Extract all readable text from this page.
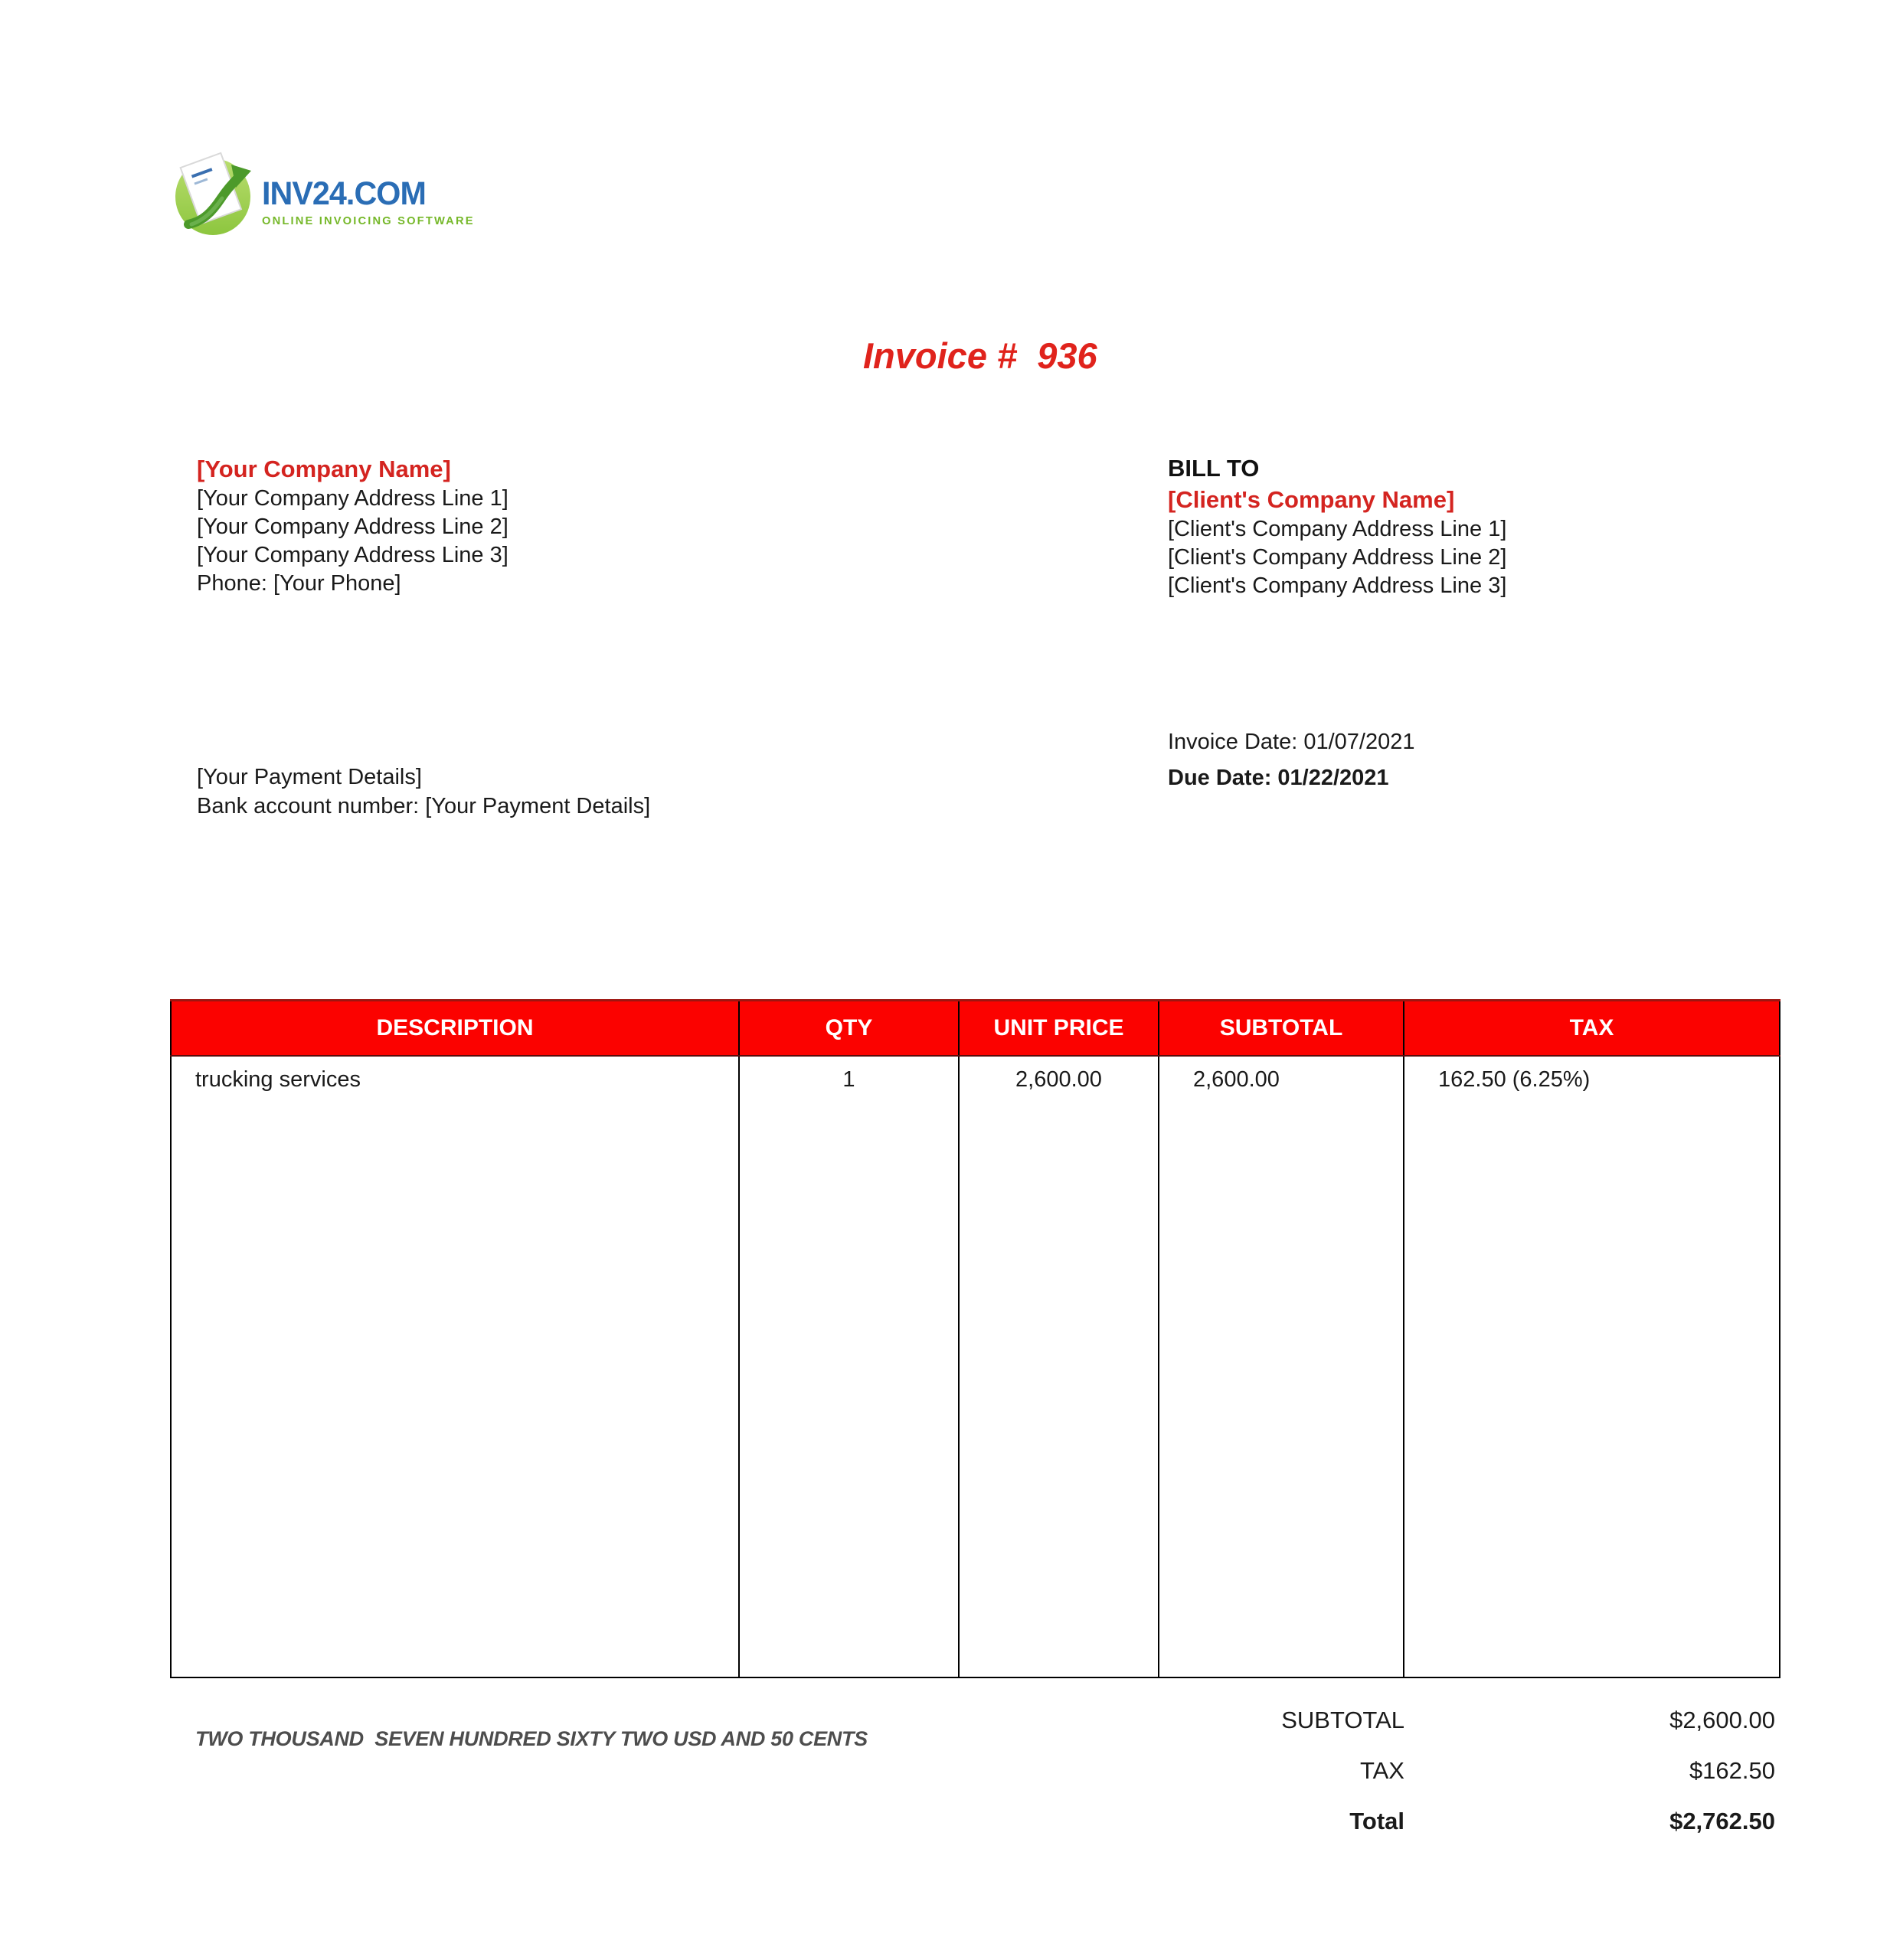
INV24.COM
ONLINE INVOICING SOFTWARE
Invoice #  936
[Your Company Name]
[Your Company Address Line 1]
[Your Company Address Line 2]
[Your Company Address Line 3]
Phone: [Your Phone]
BILL TO
[Client's Company Name]
[Client's Company Address Line 1]
[Client's Company Address Line 2]
[Client's Company Address Line 3]
Invoice Date: 01/07/2021
Due Date: 01/22/2021
[Your Payment Details]
Bank account number: [Your Payment Details]
DESCRIPTION	QTY	UNIT PRICE	SUBTOTAL	TAX
trucking services	1	2,600.00	2,600.00	162.50 (6.25%)
SUBTOTAL	$2,600.00
TAX	$162.50
Total	$2,762.50
TWO THOUSAND  SEVEN HUNDRED SIXTY TWO USD AND 50 CENTS
